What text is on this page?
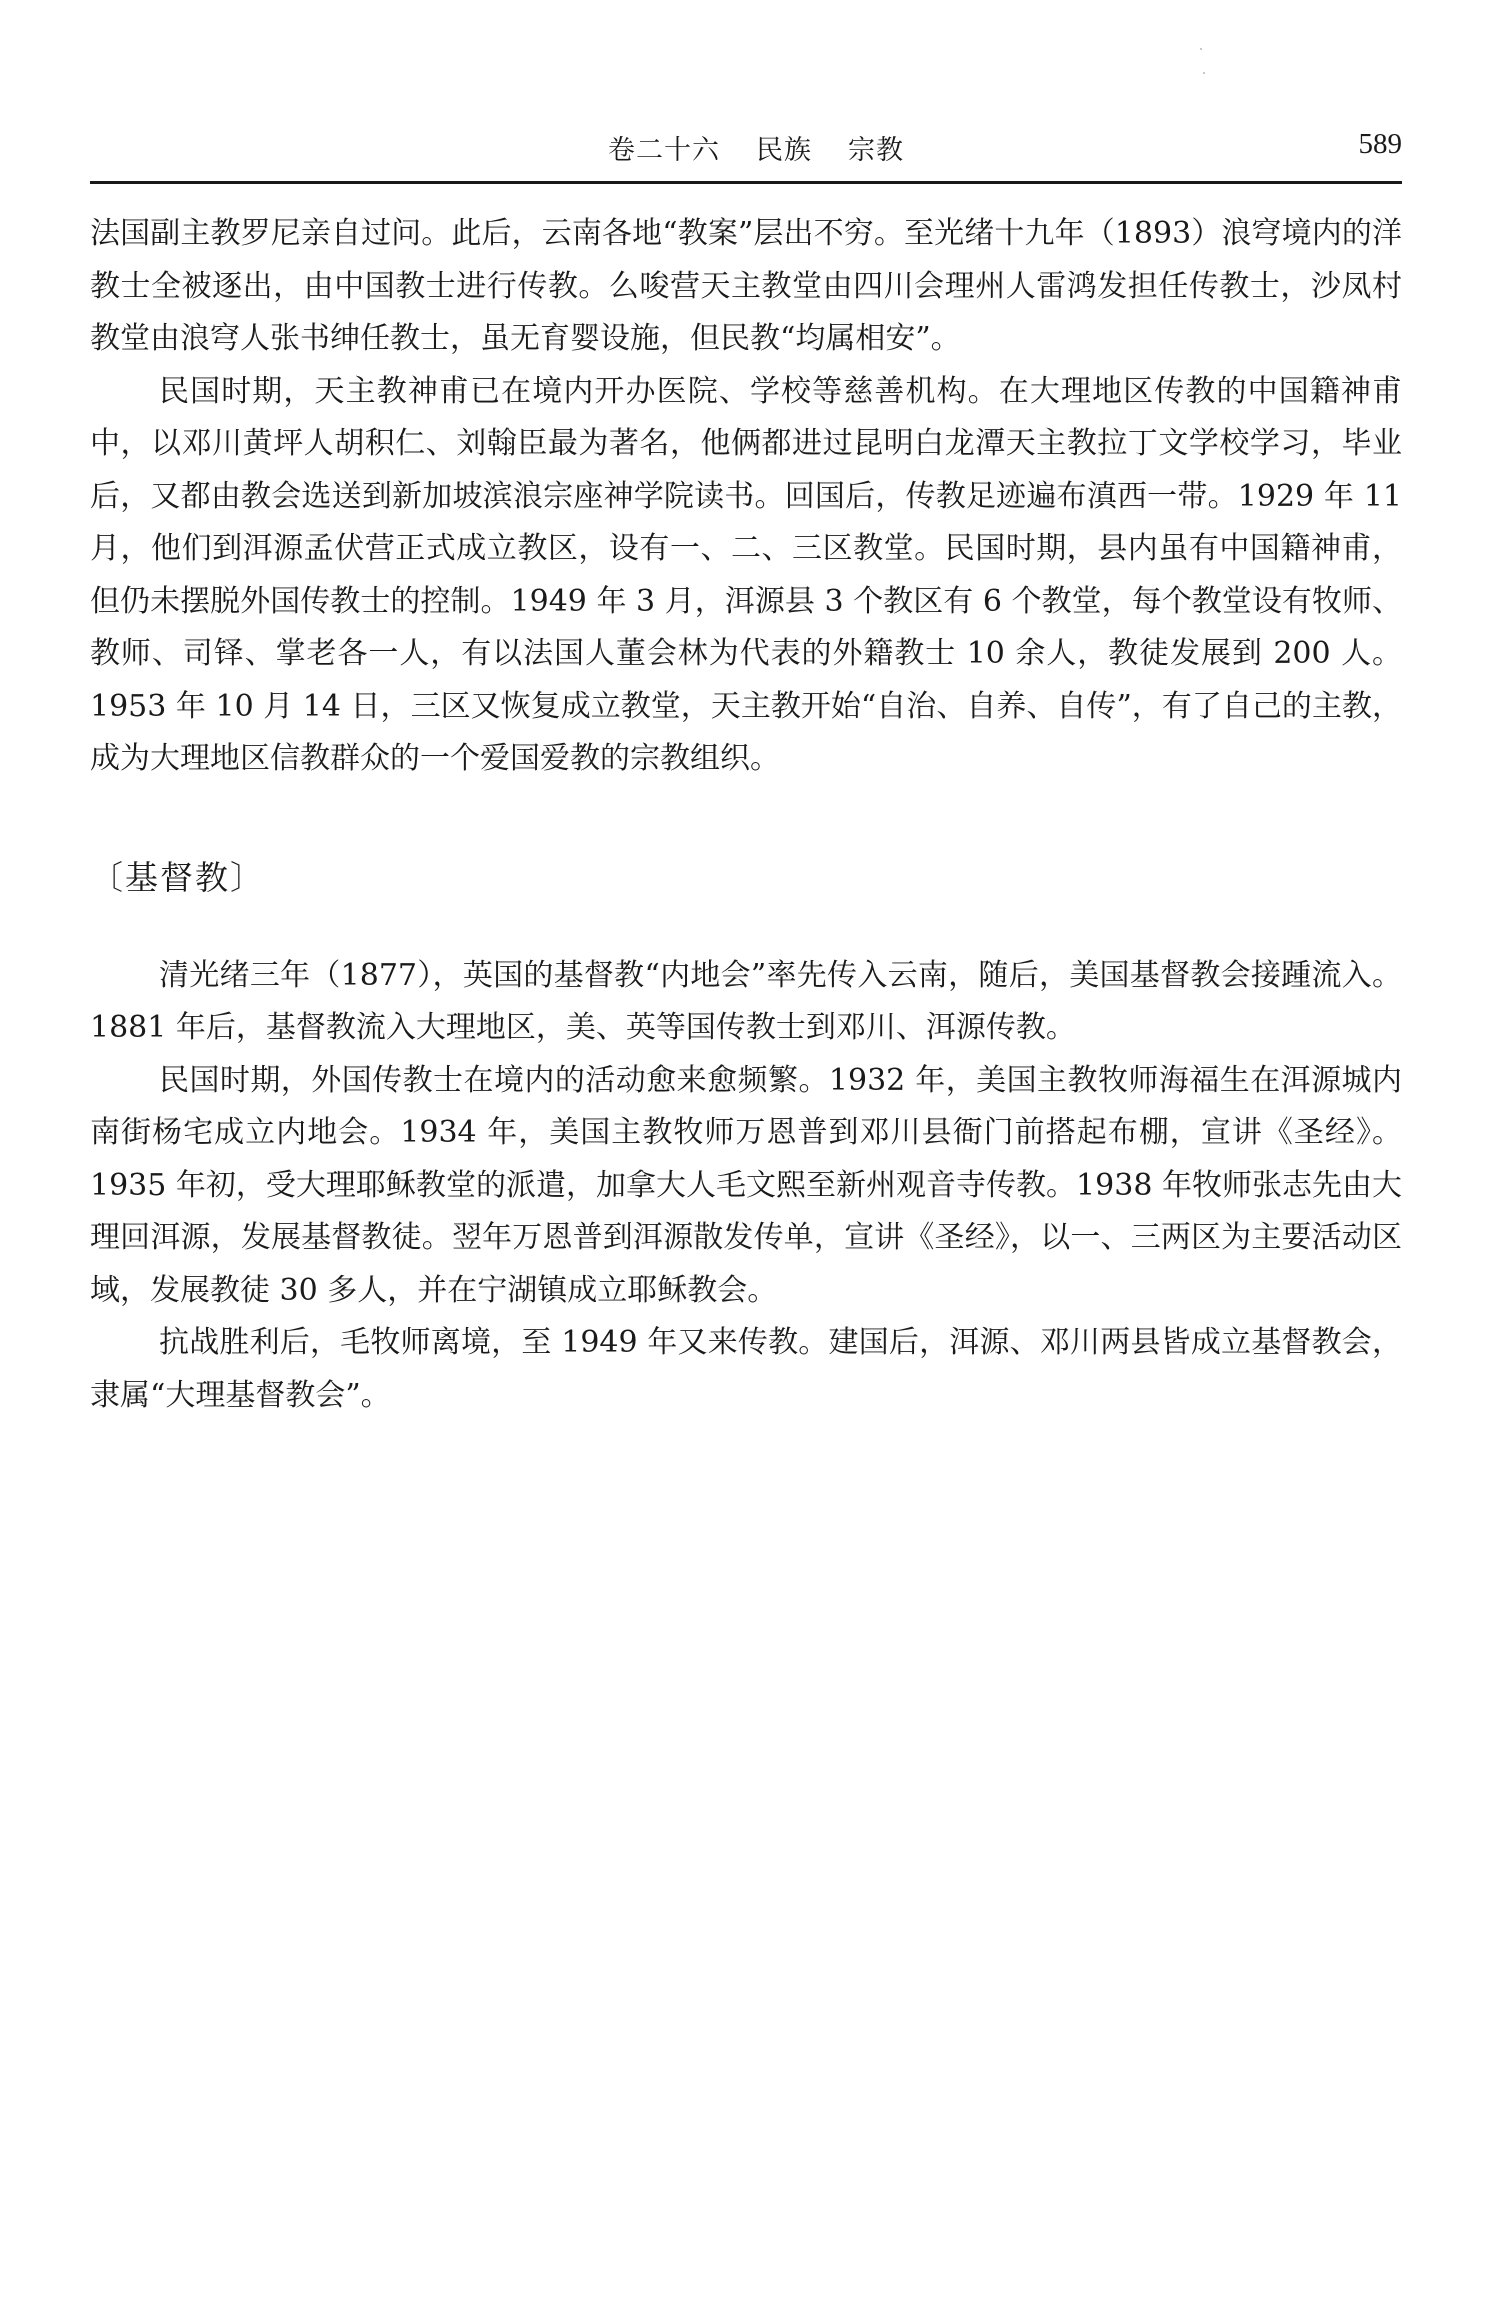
卷二十六 民族 宗教	589

法国副主教罗尼亲自过问。此后，云南各地“教案”层出不穷。至光绪十九年（1893）浪穹境内的洋教士全被逐出，由中国教士进行传教。么唆营天主教堂由四川会理州人雷鸿发担任传教士，沙凤村教堂由浪穹人张书绅任教士，虽无育婴设施，但民教“均属相安”。

民国时期，天主教神甫已在境内开办医院、学校等慈善机构。在大理地区传教的中国籍神甫中，以邓川黄坪人胡积仁、刘翰臣最为著名，他俩都进过昆明白龙潭天主教拉丁文学校学习，毕业后，又都由教会选送到新加坡滨浪宗座神学院读书。回国后，传教足迹遍布滇西一带。1929 年 11 月，他们到洱源孟伏营正式成立教区，设有一、二、三区教堂。民国时期，县内虽有中国籍神甫，但仍未摆脱外国传教士的控制。1949 年 3 月，洱源县 3 个教区有 6 个教堂，每个教堂设有牧师、教师、司铎、掌老各一人，有以法国人董会林为代表的外籍教士 10 余人，教徒发展到 200 人。1953 年 10 月 14 日，三区又恢复成立教堂，天主教开始“自治、自养、自传”，有了自己的主教，成为大理地区信教群众的一个爱国爱教的宗教组织。

〔基督教〕

清光绪三年（1877），英国的基督教“内地会”率先传入云南，随后，美国基督教会接踵流入。1881 年后，基督教流入大理地区，美、英等国传教士到邓川、洱源传教。

民国时期，外国传教士在境内的活动愈来愈频繁。1932 年，美国主教牧师海福生在洱源城内南街杨宅成立内地会。1934 年，美国主教牧师万恩普到邓川县衙门前搭起布棚，宣讲《圣经》。1935 年初，受大理耶稣教堂的派遣，加拿大人毛文熙至新州观音寺传教。1938 年牧师张志先由大理回洱源，发展基督教徒。翌年万恩普到洱源散发传单，宣讲《圣经》，以一、三两区为主要活动区域，发展教徒 30 多人，并在宁湖镇成立耶稣教会。

抗战胜利后，毛牧师离境，至 1949 年又来传教。建国后，洱源、邓川两县皆成立基督教会，隶属“大理基督教会”。
